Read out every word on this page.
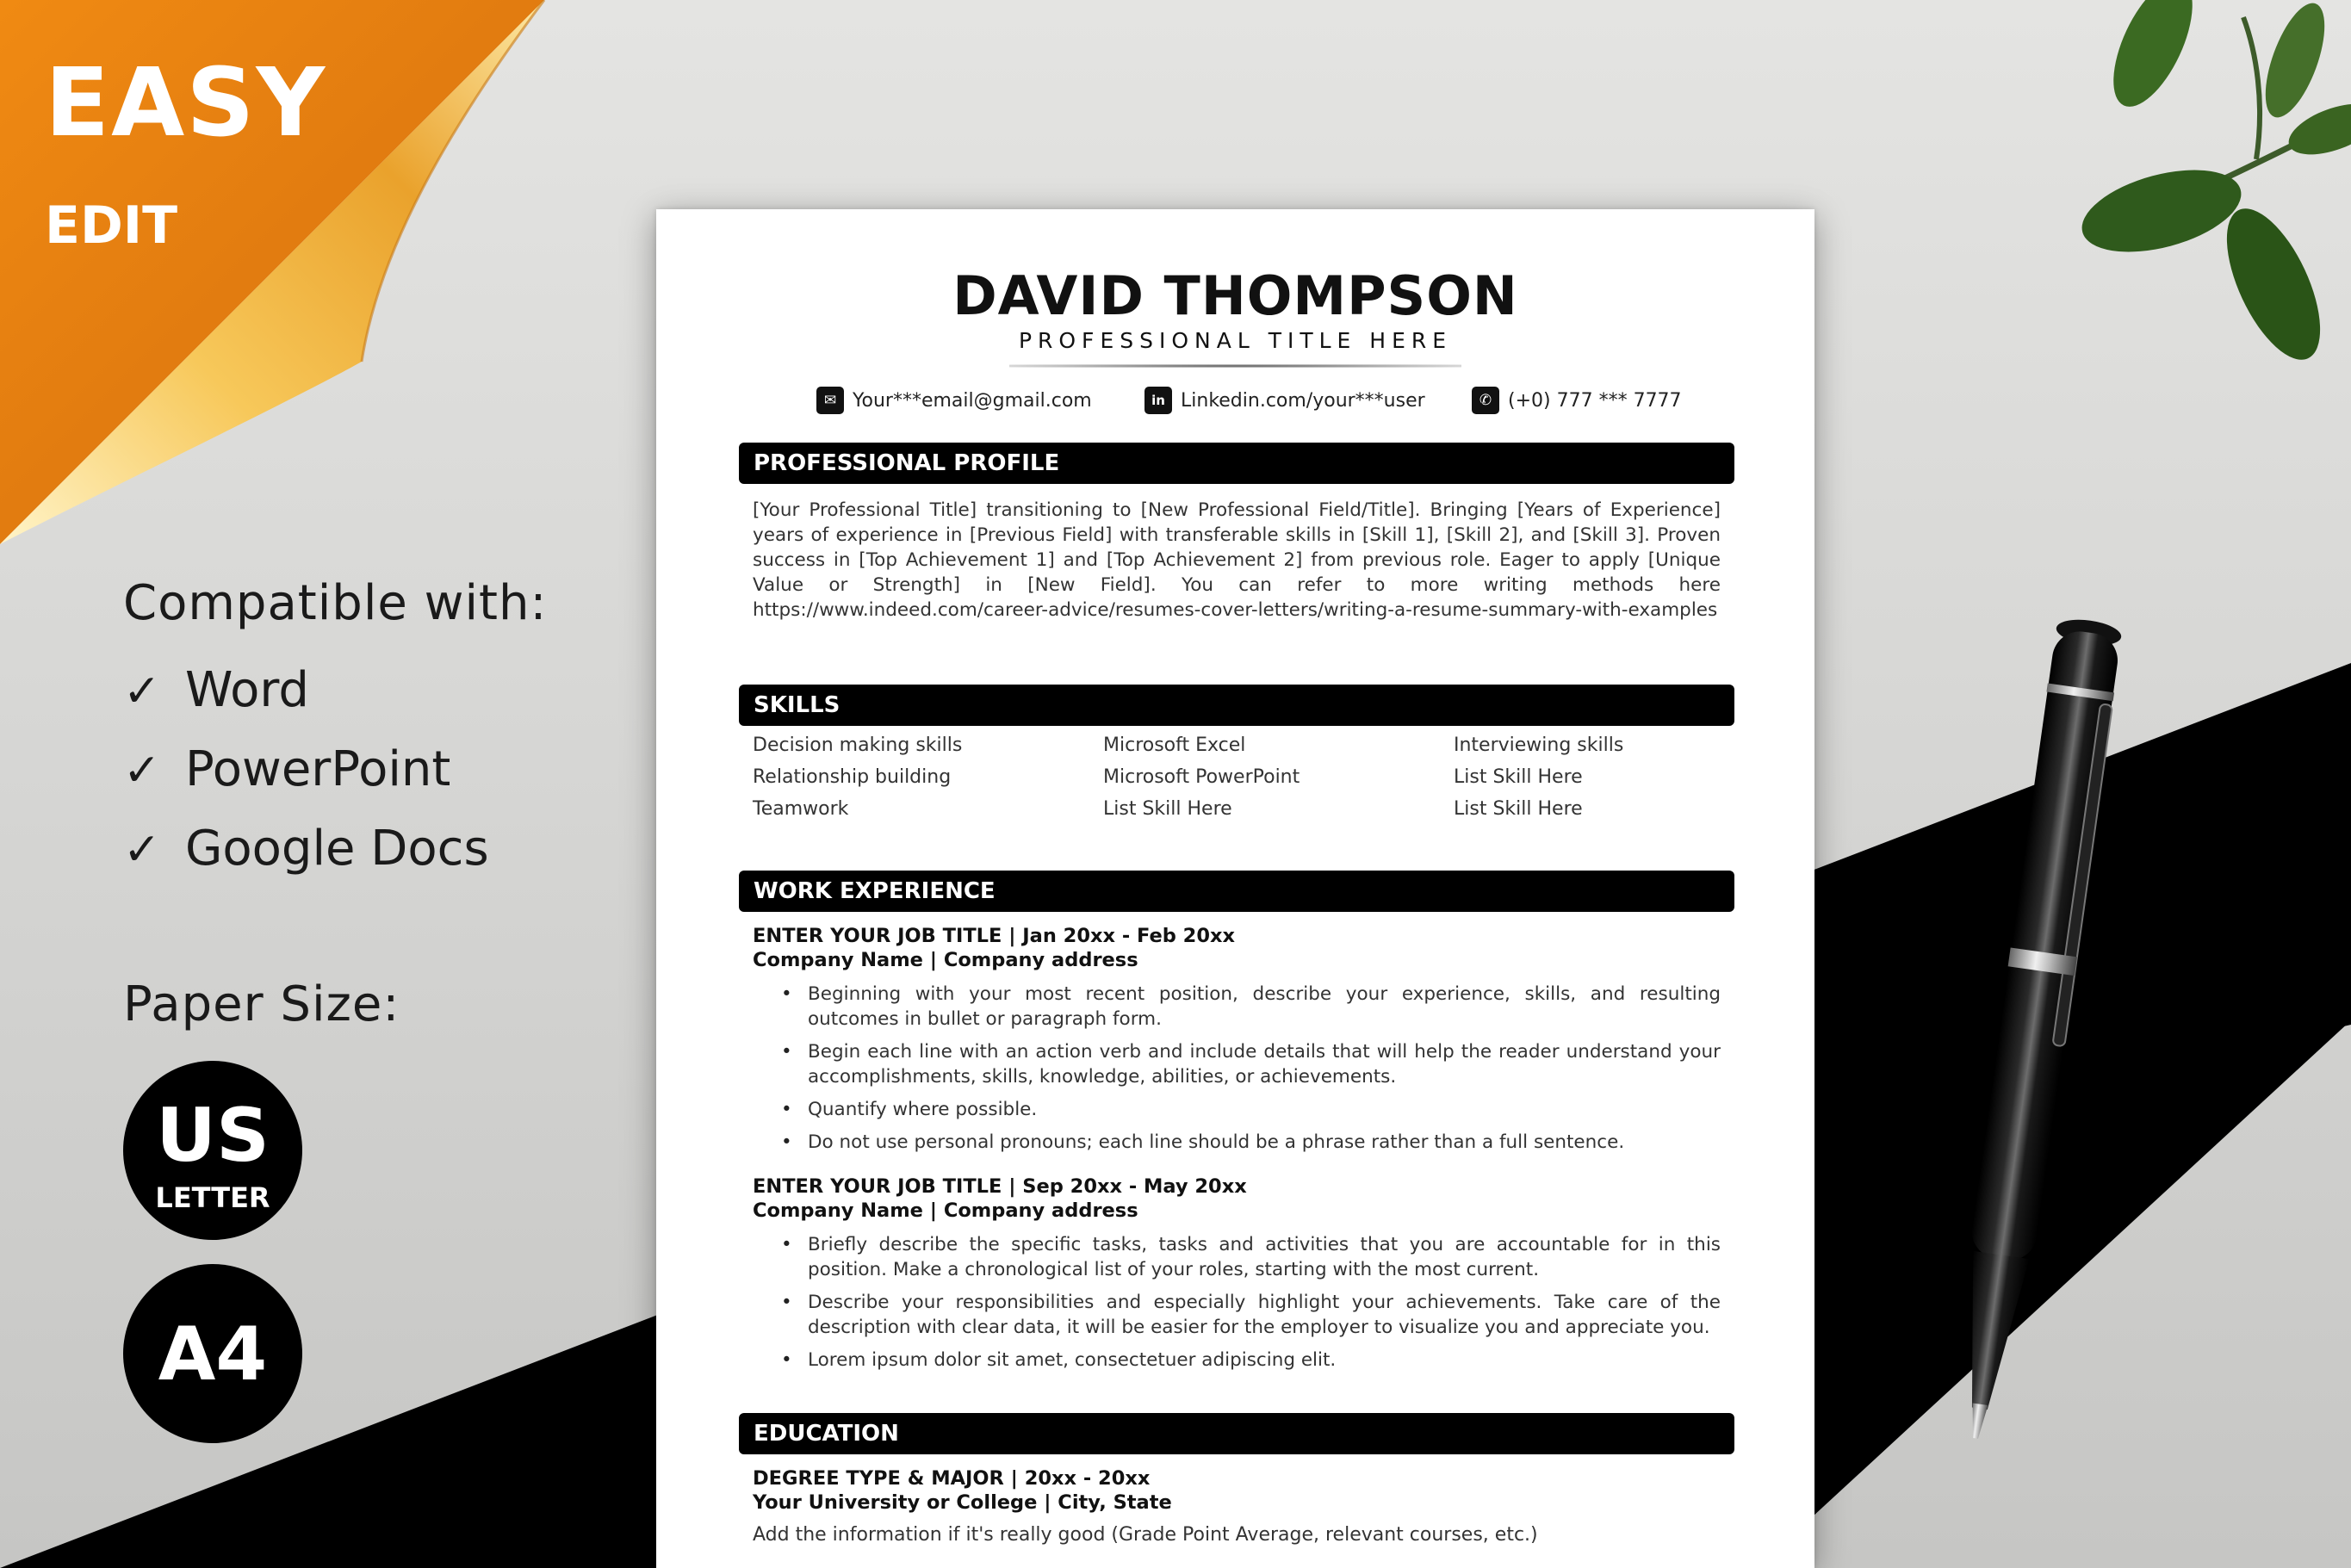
EASY
EDIT
Compatible with:
✓ Word
✓ PowerPoint
✓ Google Docs
Paper Size:
US
LETTER
A4
DAVID THOMPSON
PROFESSIONAL TITLE HERE
✉ Your***email@gmail.com	in Linkedin.com/your***user	✆ (+0) 777 *** 7777
PROFESSIONAL PROFILE
[Your Professional Title] transitioning to [New Professional Field/Title]. Bringing [Years of Experience] years of experience in [Previous Field] with transferable skills in [Skill 1], [Skill 2], and [Skill 3]. Proven success in [Top Achievement 1] and [Top Achievement 2] from previous role. Eager to apply [Unique Value or Strength] in [New Field]. You can refer to more writing methods here https://www.indeed.com/career-advice/resumes-cover-letters/writing-a-resume-summary-with-examples
SKILLS
Decision making skills
Relationship building
Teamwork
Microsoft Excel
Microsoft PowerPoint
List Skill Here
Interviewing skills
List Skill Here
List Skill Here
WORK EXPERIENCE
ENTER YOUR JOB TITLE | Jan 20xx - Feb 20xx
Company Name | Company address
• Beginning with your most recent position, describe your experience, skills, and resulting outcomes in bullet or paragraph form.
• Begin each line with an action verb and include details that will help the reader understand your accomplishments, skills, knowledge, abilities, or achievements.
• Quantify where possible.
• Do not use personal pronouns; each line should be a phrase rather than a full sentence.
ENTER YOUR JOB TITLE | Sep 20xx - May 20xx
Company Name | Company address
• Briefly describe the specific tasks, tasks and activities that you are accountable for in this position. Make a chronological list of your roles, starting with the most current.
• Describe your responsibilities and especially highlight your achievements. Take care of the description with clear data, it will be easier for the employer to visualize you and appreciate you.
• Lorem ipsum dolor sit amet, consectetuer adipiscing elit.
EDUCATION
DEGREE TYPE & MAJOR | 20xx - 20xx
Your University or College | City, State
Add the information if it's really good (Grade Point Average, relevant courses, etc.)
